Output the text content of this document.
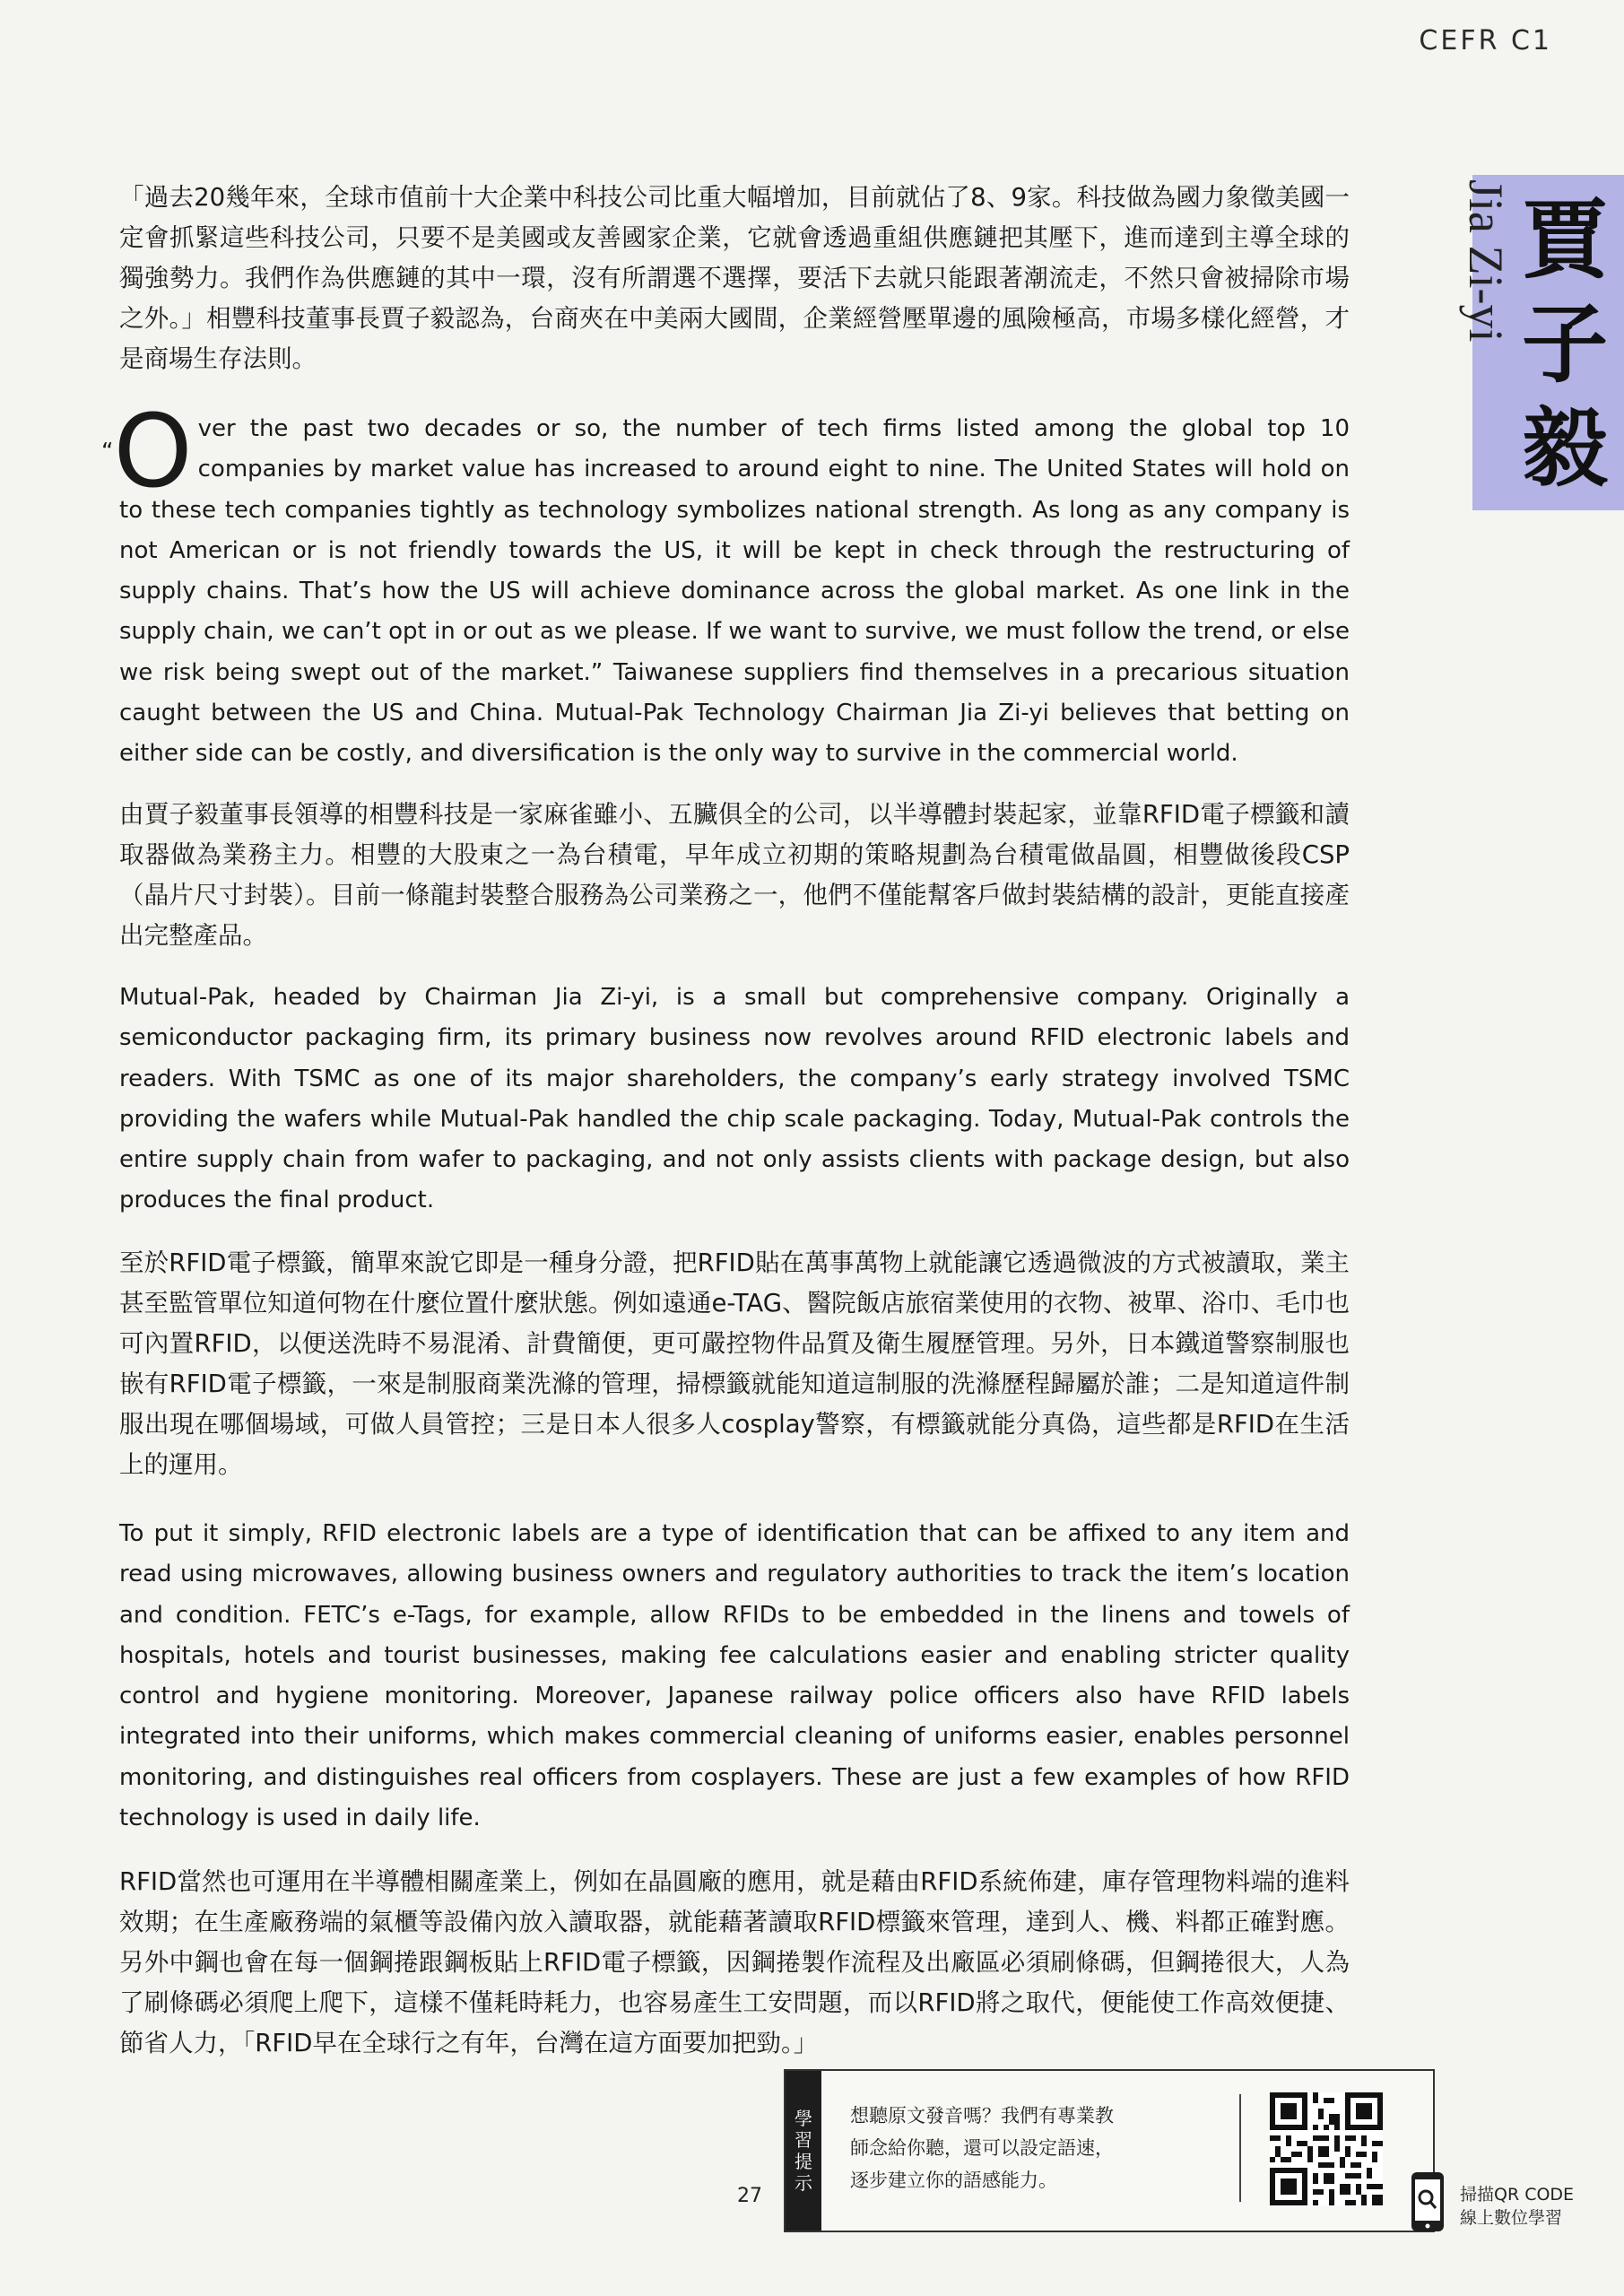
CEFR C1
Jia Zi-yi 賈
子
毅

「過去20幾年來，全球市值前十大企業中科技公司比重大幅增加，目前就佔了8、9家。科技做為國力象徵美國一定會抓緊這些科技公司，只要不是美國或友善國家企業，它就會透過重組供應鏈把其壓下，進而達到主導全球的獨強勢力。我們作為供應鏈的其中一環，沒有所謂選不選擇，要活下去就只能跟著潮流走，不然只會被掃除市場之外。」相豐科技董事長賈子毅認為，台商夾在中美兩大國間，企業經營壓單邊的風險極高，市場多樣化經營，才是商場生存法則。

“O ver the past two decades or so, the number of tech firms listed among the global top 10 companies by market value has increased to around eight to nine. The United States will hold on to these tech companies tightly as technology symbolizes national strength. As long as any company is not American or is not friendly towards the US, it will be kept in check through the restructuring of supply chains. That’s how the US will achieve dominance across the global market. As one link in the supply chain, we can’t opt in or out as we please. If we want to survive, we must follow the trend, or else we risk being swept out of the market.” Taiwanese suppliers find themselves in a precarious situation caught between the US and China. Mutual-Pak Technology Chairman Jia Zi-yi believes that betting on either side can be costly, and diversification is the only way to survive in the commercial world.

由賈子毅董事長領導的相豐科技是一家麻雀雖小、五臟俱全的公司，以半導體封裝起家，並靠RFID電子標籤和讀取器做為業務主力。相豐的大股東之一為台積電，早年成立初期的策略規劃為台積電做晶圓，相豐做後段CSP（晶片尺寸封裝）。目前一條龍封裝整合服務為公司業務之一，他們不僅能幫客戶做封裝結構的設計，更能直接產出完整產品。

Mutual-Pak, headed by Chairman Jia Zi-yi, is a small but comprehensive company. Originally a semiconductor packaging firm, its primary business now revolves around RFID electronic labels and readers. With TSMC as one of its major shareholders, the company’s early strategy involved TSMC providing the wafers while Mutual-Pak handled the chip scale packaging. Today, Mutual-Pak controls the entire supply chain from wafer to packaging, and not only assists clients with package design, but also produces the final product.

至於RFID電子標籤，簡單來說它即是一種身分證，把RFID貼在萬事萬物上就能讓它透過微波的方式被讀取，業主甚至監管單位知道何物在什麼位置什麼狀態。例如遠通e-TAG、醫院飯店旅宿業使用的衣物、被單、浴巾、毛巾也可內置RFID，以便送洗時不易混淆、計費簡便，更可嚴控物件品質及衛生履歷管理。另外，日本鐵道警察制服也嵌有RFID電子標籤，一來是制服商業洗滌的管理，掃標籤就能知道這制服的洗滌歷程歸屬於誰；二是知道這件制服出現在哪個場域，可做人員管控；三是日本人很多人cosplay警察，有標籤就能分真偽，這些都是RFID在生活上的運用。

To put it simply, RFID electronic labels are a type of identification that can be affixed to any item and read using microwaves, allowing business owners and regulatory authorities to track the item’s location and condition. FETC’s e-Tags, for example, allow RFIDs to be embedded in the linens and towels of hospitals, hotels and tourist businesses, making fee calculations easier and enabling stricter quality control and hygiene monitoring. Moreover, Japanese railway police officers also have RFID labels integrated into their uniforms, which makes commercial cleaning of uniforms easier, enables personnel monitoring, and distinguishes real officers from cosplayers. These are just a few examples of how RFID technology is used in daily life.

RFID當然也可運用在半導體相關產業上，例如在晶圓廠的應用，就是藉由RFID系統佈建，庫存管理物料端的進料效期；在生產廠務端的氣櫃等設備內放入讀取器，就能藉著讀取RFID標籤來管理，達到人、機、料都正確對應。另外中鋼也會在每一個鋼捲跟鋼板貼上RFID電子標籤，因鋼捲製作流程及出廠區必須刷條碼，但鋼捲很大，人為了刷條碼必須爬上爬下，這樣不僅耗時耗力，也容易產生工安問題，而以RFID將之取代，便能使工作高效便捷、節省人力，「RFID早在全球行之有年，台灣在這方面要加把勁。」

27
學
習
提
示
想聽原文發音嗎？我們有專業教師念給你聽，還可以設定語速，逐步建立你的語感能力。
掃描QR CODE
線上數位學習
